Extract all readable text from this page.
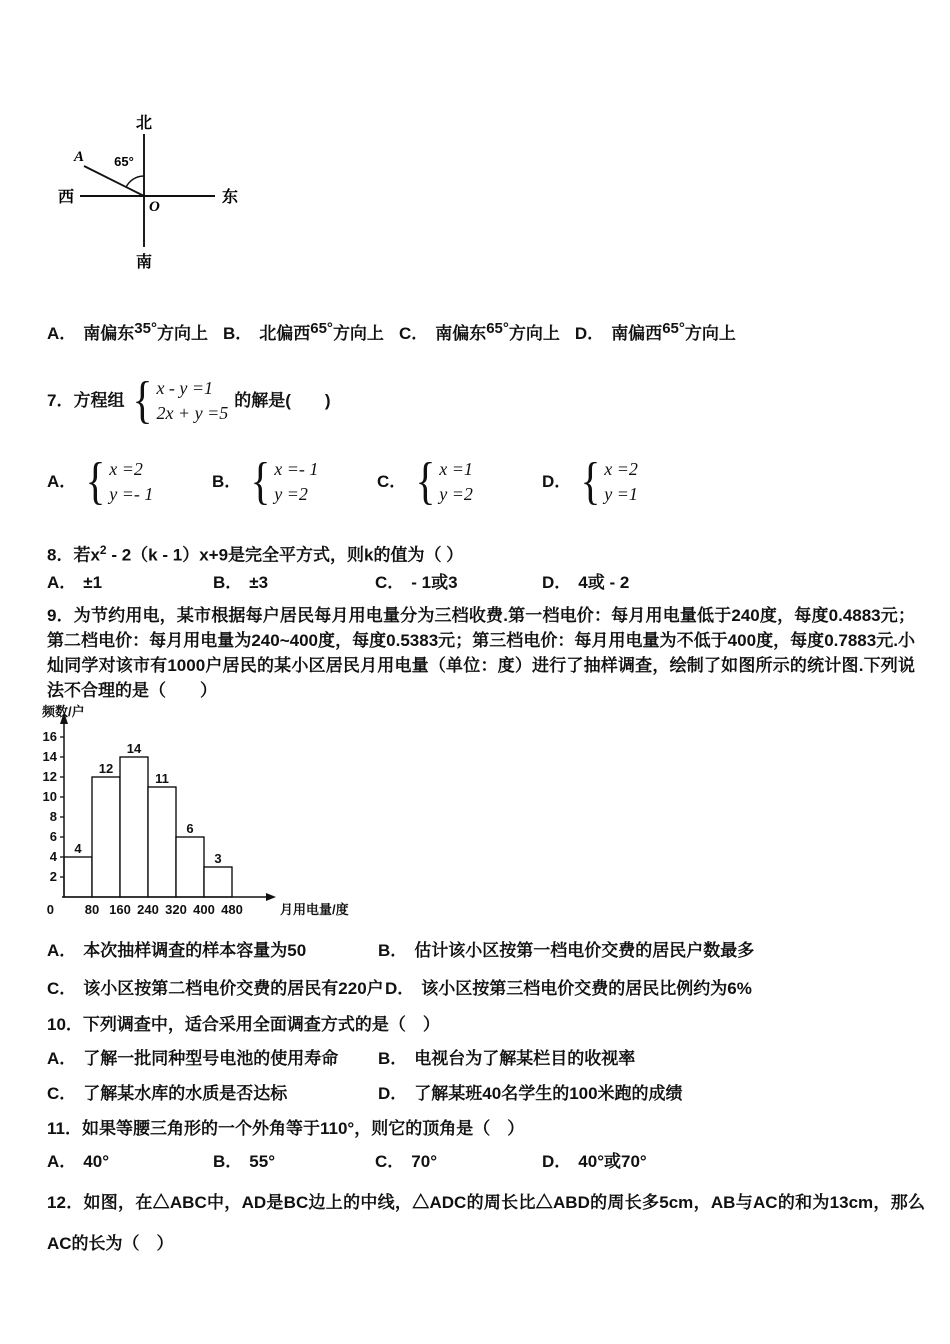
北
南
西	东
A
O
65°
A． 南偏东35°方向上 B． 北偏西65°方向上 C． 南偏东65°方向上 D． 南偏西65°方向上
7．方程组 { x - y =1
2x + y =5
的解是(　　)
A． { x =2
y =- 1
B． { x =- 1
y =2
C． { x =1
y =2
D． { x =2
y =1
8．若$x^2 - 2(k - 1)x+9$是完全平方式，则k的值为（ ）
A． ±1	B． ±3	C． - 1或3	D． 4或 - 2
9．为节约用电，某市根据每户居民每月用电量分为三档收费.第一档电价：每月用电量低于240度，每度0.4883元；第二档电价：每月用电量为240~400度，每度0.5383元；第三档电价：每月用电量为不低于400度，每度0.7883元.小灿同学对该市有1000户居民的某小区居民月用电量（单位：度）进行了抽样调查，绘制了如图所示的统计图.下列说法不合理的是（　　）
4
12
14
11
6
3
2
4
6
8
10
12
14
16
0 80 160 240 320 400 480
频数/户
月用电量/度
A． 本次抽样调查的样本容量为50	B． 估计该小区按第一档电价交费的居民户数最多
C． 该小区按第二档电价交费的居民有220户 D． 该小区按第三档电价交费的居民比例约为6%
10．下列调查中，适合采用全面调查方式的是（　）
A． 了解一批同种型号电池的使用寿命 B． 电视台为了解某栏目的收视率
C． 了解某水库的水质是否达标	D． 了解某班40名学生的100米跑的成绩
11．如果等腰三角形的一个外角等于110°，则它的顶角是（　）
A． 40°	B． 55°	C． 70°	D． 40°或70°
12．如图，在△ABC中，AD是BC边上的中线，△ADC的周长比△ABD的周长多5cm，AB与AC的和为13cm，那么AC的长为（　）
